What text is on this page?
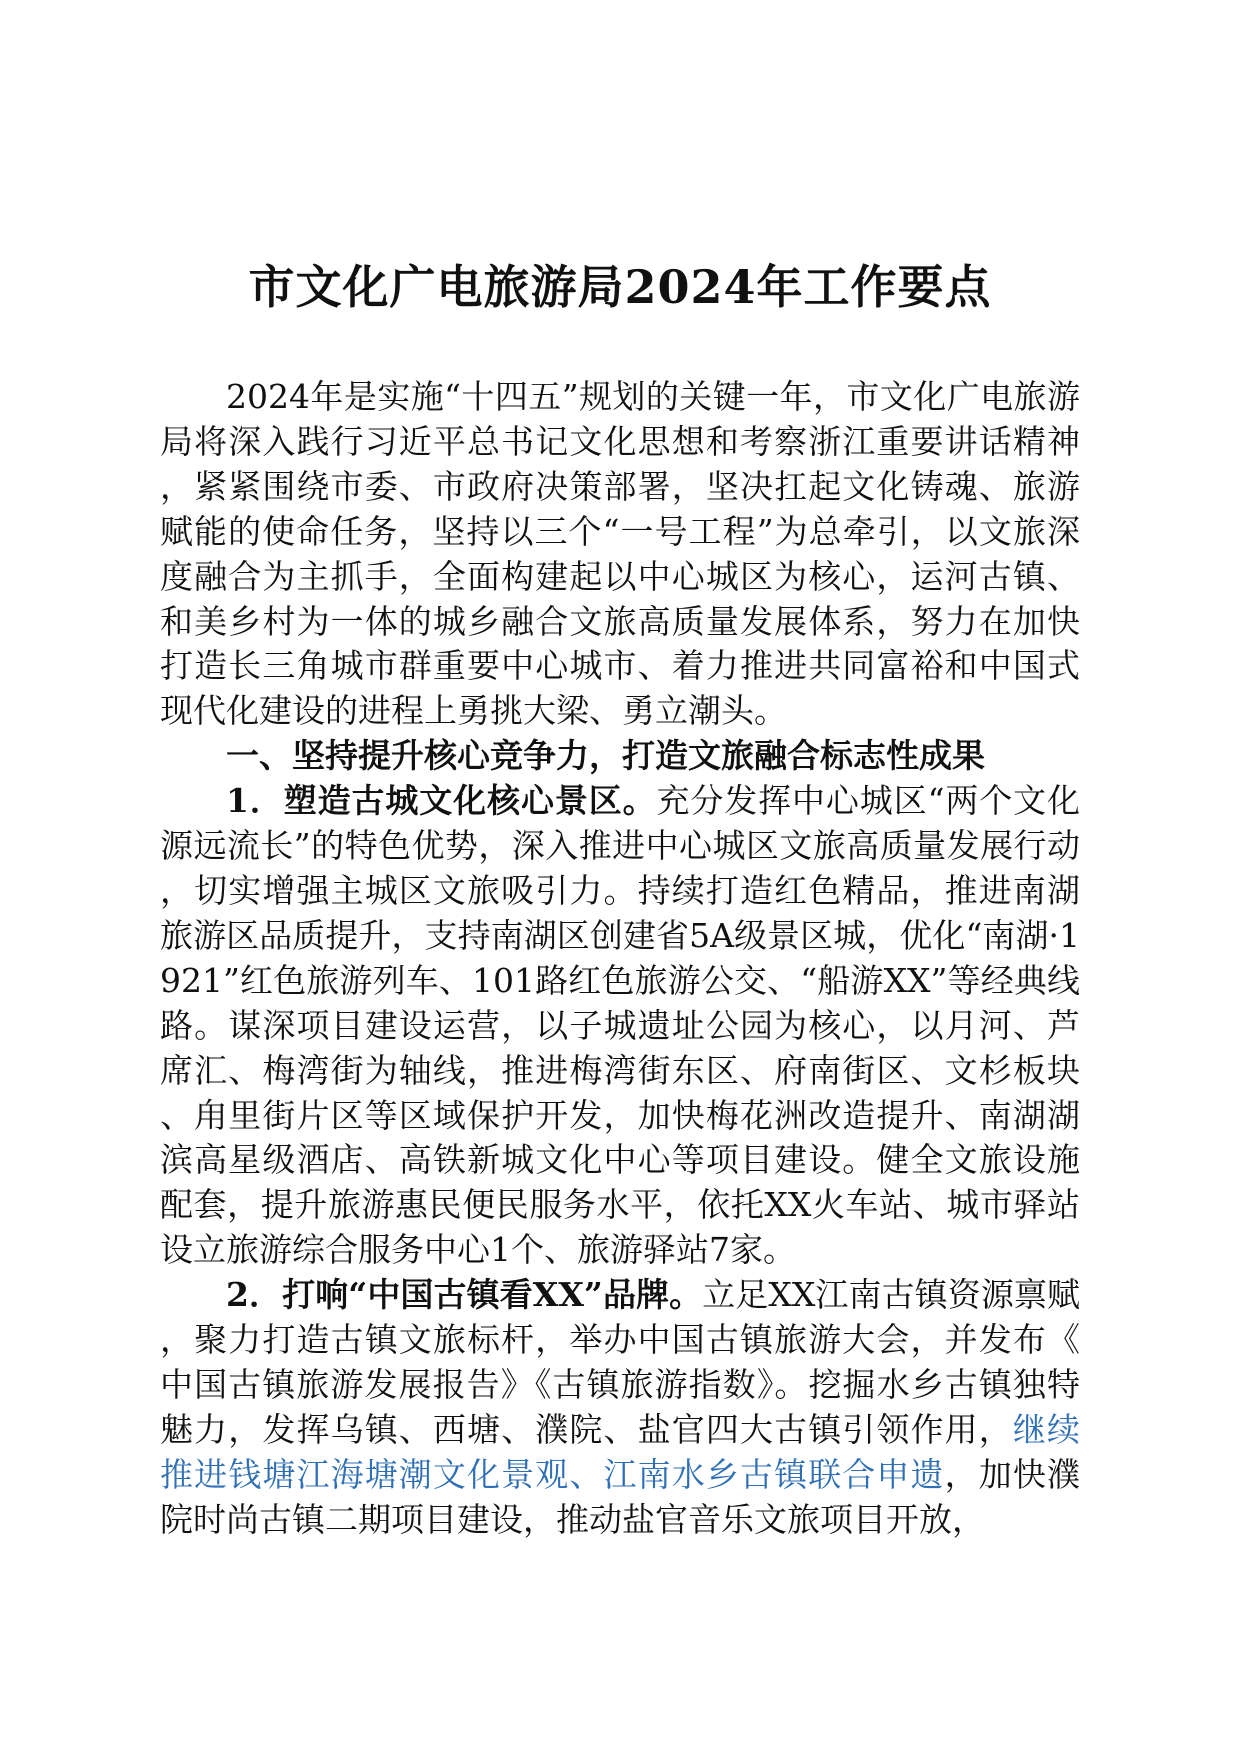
市文化广电旅游局2024年工作要点

2024年是实施“十四五”规划的关键一年，市文化广电旅游局将深入践行习近平总书记文化思想和考察浙江重要讲话精神，紧紧围绕市委、市政府决策部署，坚决扛起文化铸魂、旅游赋能的使命任务，坚持以三个“一号工程”为总牵引，以文旅深度融合为主抓手，全面构建起以中心城区为核心，运河古镇、和美乡村为一体的城乡融合文旅高质量发展体系，努力在加快打造长三角城市群重要中心城市、着力推进共同富裕和中国式现代化建设的进程上勇挑大梁、勇立潮头。

一、坚持提升核心竞争力，打造文旅融合标志性成果

1．塑造古城文化核心景区。充分发挥中心城区“两个文化源远流长”的特色优势，深入推进中心城区文旅高质量发展行动，切实增强主城区文旅吸引力。持续打造红色精品，推进南湖旅游区品质提升，支持南湖区创建省5A级景区城，优化“南湖·1921”红色旅游列车、101路红色旅游公交、“船游XX”等经典线路。谋深项目建设运营，以子城遗址公园为核心，以月河、芦席汇、梅湾街为轴线，推进梅湾街东区、府南街区、文杉板块、甪里街片区等区域保护开发，加快梅花洲改造提升、南湖湖滨高星级酒店、高铁新城文化中心等项目建设。健全文旅设施配套，提升旅游惠民便民服务水平，依托XX火车站、城市驿站设立旅游综合服务中心1个、旅游驿站7家。

2．打响“中国古镇看XX”品牌。立足XX江南古镇资源禀赋，聚力打造古镇文旅标杆，举办中国古镇旅游大会，并发布《中国古镇旅游发展报告》《古镇旅游指数》。挖掘水乡古镇独特魅力，发挥乌镇、西塘、濮院、盐官四大古镇引领作用，继续推进钱塘江海塘潮文化景观、江南水乡古镇联合申遗，加快濮院时尚古镇二期项目建设，推动盐官音乐文旅项目开放，
